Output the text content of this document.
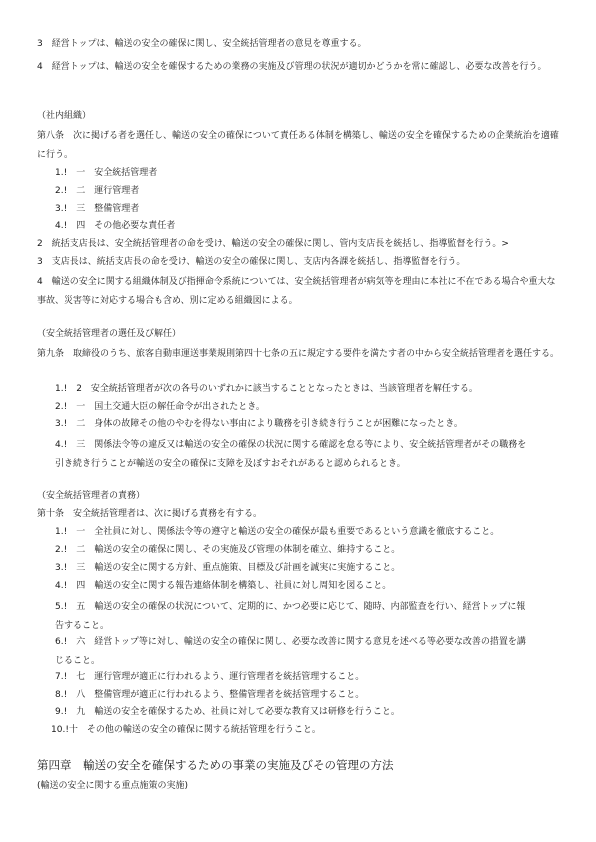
3　経営トップは、輸送の安全の確保に関し、安全統括管理者の意見を尊重する。
4　経営トップは、輸送の安全を確保するための業務の実施及び管理の状況が適切かどうかを常に確認し、必要な改善を行う。
（社内組織）
第八条　次に掲げる者を選任し、輸送の安全の確保について責任ある体制を構築し、輸送の安全を確保するための企業統治を適確に行う。
1.!　一　安全統括管理者
2.!　二　運行管理者
3.!　三　整備管理者
4.!　四　その他必要な責任者
2　統括支店長は、安全統括管理者の命を受け、輸送の安全の確保に関し、管内支店長を統括し、指導監督を行う。>
3　支店長は、統括支店長の命を受け、輸送の安全の確保に関し、支店内各課を統括し、指導監督を行う。
4　輸送の安全に関する組織体制及び指揮命令系統については、安全統括管理者が病気等を理由に本社に不在である場合や重大な事故、災害等に対応する場合も含め、別に定める組織図による。
（安全統括管理者の選任及び解任）
第九条　取締役のうち、旅客自動車運送事業規則第四十七条の五に規定する要件を満たす者の中から安全統括管理者を選任する。
1.!　2　安全統括管理者が次の各号のいずれかに該当することとなったときは、当該管理者を解任する。
2.!　一　国土交通大臣の解任命令が出されたとき。
3.!　二　身体の故障その他のやむを得ない事由により職務を引き続き行うことが困難になったとき。
4.!　三　関係法令等の違反又は輸送の安全の確保の状況に関する確認を怠る等により、安全統括管理者がその職務を引き続き行うことが輸送の安全の確保に支障を及ぼすおそれがあると認められるとき。
（安全統括管理者の責務）
第十条　安全統括管理者は、次に掲げる責務を有する。
1.!　一　全社員に対し、関係法令等の遵守と輸送の安全の確保が最も重要であるという意識を徹底すること。
2.!　二　輸送の安全の確保に関し、その実施及び管理の体制を確立、維持すること。
3.!　三　輸送の安全に関する方針、重点施策、目標及び計画を誠実に実施すること。
4.!　四　輸送の安全に関する報告連絡体制を構築し、社員に対し周知を図ること。
5.!　五　輸送の安全の確保の状況について、定期的に、かつ必要に応じて、随時、内部監査を行い、経営トップに報告すること。
6.!　六　経営トップ等に対し、輸送の安全の確保に関し、必要な改善に関する意見を述べる等必要な改善の措置を講じること。
7.!　七　運行管理が適正に行われるよう、運行管理者を統括管理すること。
8.!　八　整備管理が適正に行われるよう、整備管理者を統括管理すること。
9.!　九　輸送の安全を確保するため、社員に対して必要な教育又は研修を行うこと。
10.!十　その他の輸送の安全の確保に関する統括管理を行うこと。
第四章　輸送の安全を確保するための事業の実施及びその管理の方法
(輸送の安全に関する重点施策の実施)
